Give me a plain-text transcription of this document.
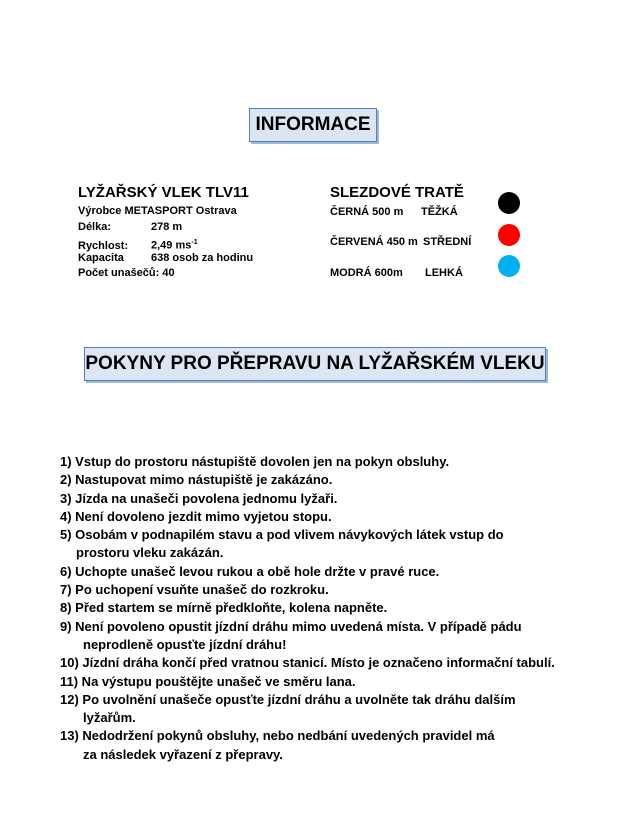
INFORMACE
LYŽAŘSKÝ VLEK TLV11
Výrobce METASPORT Ostrava
Délka:	278 m
Rychlost: 2,49 $ms^{-1}$
Kapacita 638 osob za hodinu
Počet unašečů: 40
SLEZDOVÉ TRATĚ
ČERNÁ 500 m TĚŽKÁ
ČERVENÁ 450 m STŘEDNÍ
MODRÁ 600m LEHKÁ
POKYNY PRO PŘEPRAVU NA LYŽAŘSKÉM VLEKU
1) Vstup do prostoru nástupiště dovolen jen na pokyn obsluhy.
2) Nastupovat mimo nástupiště je zakázáno.
3) Jízda na unašeči povolena jednomu lyžaři.
4) Není dovoleno jezdit mimo vyjetou stopu.
5) Osobám v podnapilém stavu a pod vlivem návykových látek vstup do
prostoru vleku zakázán.
6) Uchopte unašeč levou rukou a obě hole držte v pravé ruce.
7) Po uchopení vsuňte unašeč do rozkroku.
8) Před startem se mírně předkloňte, kolena napněte.
9) Není povoleno opustit jízdní dráhu mimo uvedená místa. V případě pádu
neprodleně opusťte jízdní dráhu!
10) Jízdní dráha končí před vratnou stanicí. Místo je označeno informační tabulí.
11) Na výstupu pouštějte unašeč ve směru lana.
12) Po uvolnění unašeče opusťte jízdní dráhu a uvolněte tak dráhu dalším
lyžařům.
13) Nedodržení pokynů obsluhy, nebo nedbání uvedených pravidel má
za následek vyřazení z přepravy.
